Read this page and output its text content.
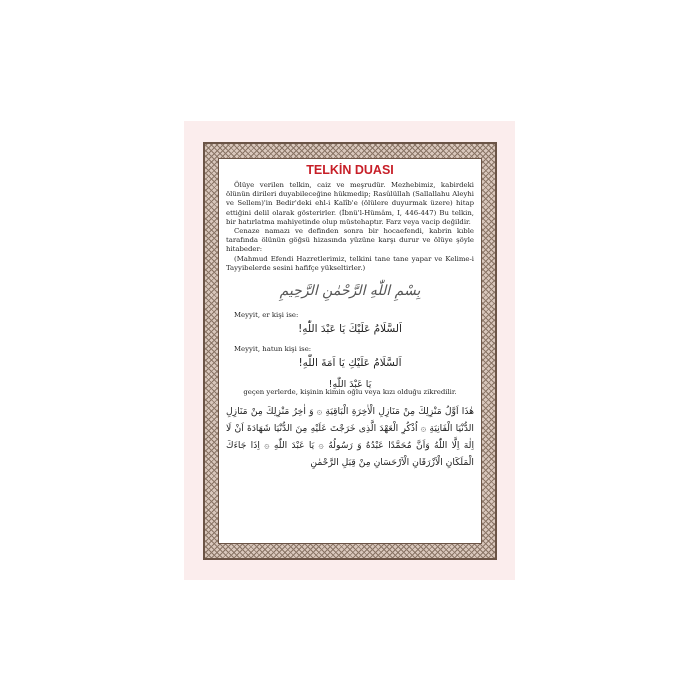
TELKİN DUASI

Ölüye verilen telkin, caiz ve meşrudür. Mezhebimiz, kabirdeki ölünün dirileri duyabileceğine hükmedip; Rasûlüllah (Sallallahu Aleyhi ve Sellem)'in Bedir'deki ehl-i Kalîb'e (ölülere duyurmak üzere) hitap ettiğini delil olarak gösterirler. (İbnü'l-Hümâm, I, 446-447) Bu telkin, bir hatırlatma mahiyetinde olup müstehaptır. Farz veya vacip değildir.

Cenaze namazı ve definden sonra bir hocaefendi, kabrin kıble tarafında ölünün göğsü hizasında yüzüne karşı durur ve ölüye şöyle hitabeder:

(Mahmud Efendi Hazretlerimiz, telkini tane tane yapar ve Kelime-i Tayyibelerde sesini hafifçe yükseltirler.)

بِسْمِ اللّٰهِ الرَّحْمٰنِ الرَّحِيمِ
Meyyit, er kişi ise:
اَلسَّلَامُ عَلَيْكَ يَا عَبْدَ اللّٰهِ!
Meyyit, hatun kişi ise:
اَلسَّلَامُ عَلَيْكِ يَا اَمَةَ اللّٰهِ!
يَا عَبْدَ اللّٰهِ!
geçen yerlerde, kişinin kimin oğlu veya kızı olduğu zikredilir.
هٰذَا اَوَّلُ مَنْزِلِكَ مِنْ مَنَازِلِ الْاٰخِرَةِ الْبَاقِيَةِ ۞ وَ اٰخِرُ مَنْزِلِكَ مِنْ مَنَازِلِ الدُّنْيَا الْفَانِيَةِ ۞ اُذْكُرِ الْعَهْدَ الَّذِى خَرَجْتَ عَلَيْهِ مِنَ الدُّنْيَا شَهَادَةَ اَنْ لَا اِلٰهَ اِلَّا اللّٰهُ وَاَنَّ مُحَمَّدًا عَبْدُهُ وَ رَسُولُهُ ۞ يَا عَبْدَ اللّٰهِ ۞ اِذَا جَاءَكَ الْمَلَكَانِ الْاَزْرَقَانِ الْاَرْحَسَانِ مِنْ قِبَلِ الرَّحْمٰنِ
